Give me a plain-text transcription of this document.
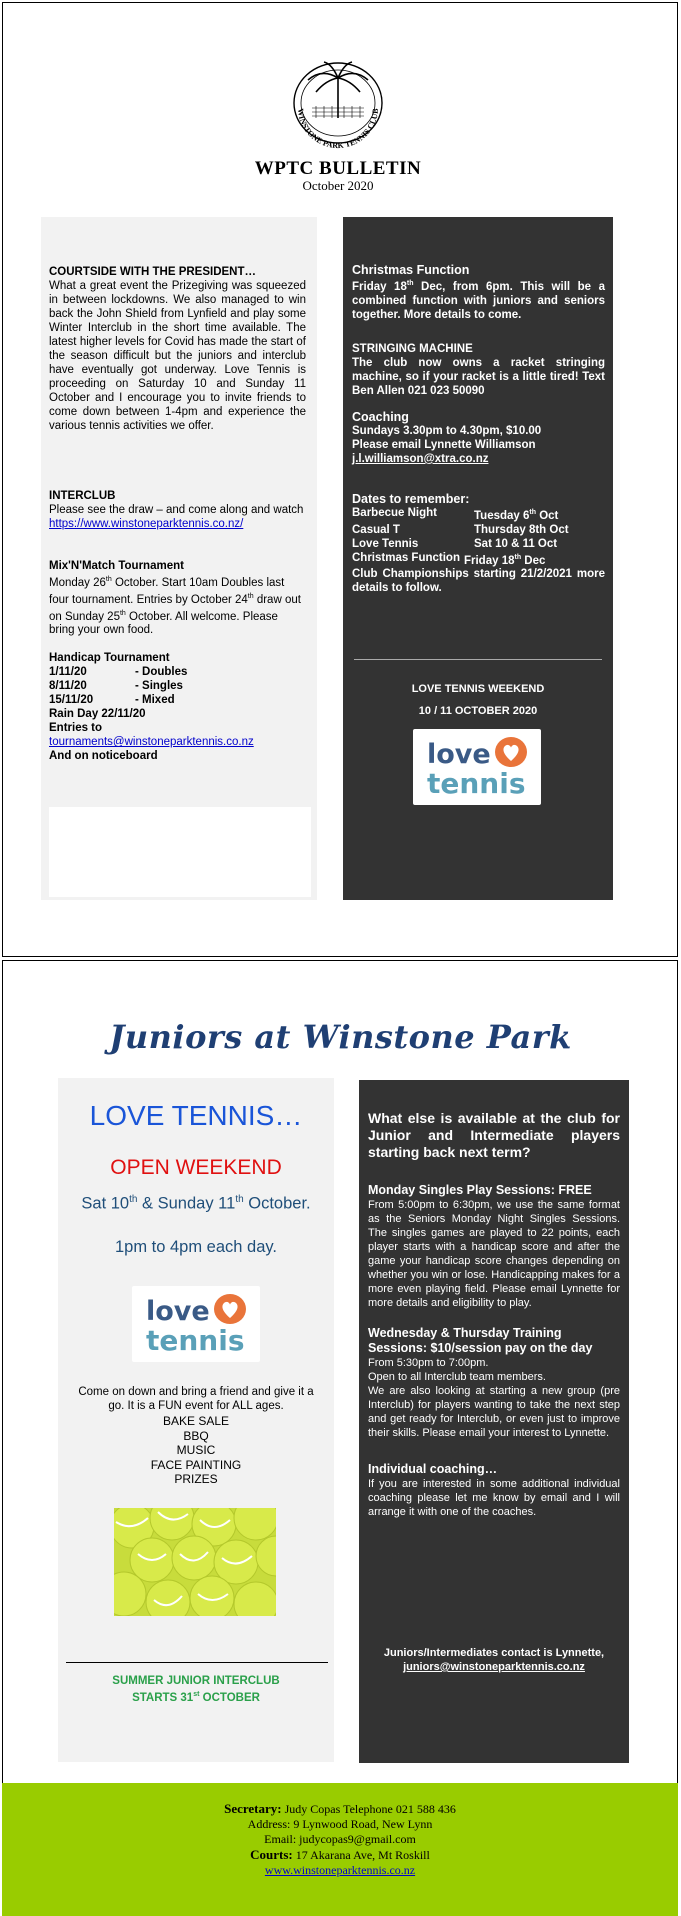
WINSTONE PARK TENNIS CLUB
WPTC BULLETIN
October 2020

COURTSIDE WITH THE PRESIDENT…

What a great event the Prizegiving was squeezed in between lockdowns. We also managed to win back the John Shield from Lynfield and play some Winter Interclub in the short time available. The latest higher levels for Covid has made the start of the season difficult but the juniors and interclub have eventually got underway. Love Tennis is proceeding on Saturday 10 and Sunday 11 October and I encourage you to invite friends to come down between 1-4pm and experience the various tennis activities we offer.

INTERCLUB

Please see the draw – and come along and watch

https://www.winstoneparktennis.co.nz/

Mix'N'Match Tournament

Monday 26th October. Start 10am Doubles last four tournament. Entries by October 24th draw out on Sunday 25th October. All welcome. Please bring your own food.

Handicap Tournament

1/11/20	- Doubles

8/11/20	- Singles

15/11/20	- Mixed

Rain Day 22/11/20

Entries to

tournaments@winstoneparktennis.co.nz

And on noticeboard

Christmas Function

Friday 18th Dec, from 6pm. This will be a combined function with juniors and seniors together. More details to come.

STRINGING MACHINE

The club now owns a racket stringing machine, so if your racket is a little tired! Text Ben Allen 021 023 50090

Coaching

Sundays 3.30pm to 4.30pm, $10.00

Please email Lynnette Williamson

j.l.williamson@xtra.co.nz

Dates to remember:

Barbecue Night	Tuesday 6th Oct
Casual T	Thursday 8th Oct
Love Tennis	Sat 10 & 11 Oct
Christmas Function Friday 18th Dec

Club Championships starting 21/2/2021 more details to follow.

LOVE TENNIS WEEKEND
10 / 11 OCTOBER 2020
love
tennis
Juniors at Winstone Park
LOVE TENNIS…
OPEN WEEKEND
Sat 10th & Sunday 11th October.
1pm to 4pm each day.
love
tennis
Come on down and bring a friend and give it a go. It is a FUN event for ALL ages.
BAKE SALE
BBQ
MUSIC
FACE PAINTING
PRIZES
SUMMER JUNIOR INTERCLUB
STARTS 31st OCTOBER

What else is available at the club for Junior and Intermediate players starting back next term?

Monday Singles Play Sessions: FREE

From 5:00pm to 6:30pm, we use the same format as the Seniors Monday Night Singles Sessions. The singles games are played to 22 points, each player starts with a handicap score and after the game your handicap score changes depending on whether you win or lose. Handicapping makes for a more even playing field. Please email Lynnette for more details and eligibility to play.

Wednesday & Thursday Training Sessions: $10/session pay on the day

From 5:30pm to 7:00pm.

Open to all Interclub team members.

We are also looking at starting a new group (pre Interclub) for players wanting to take the next step and get ready for Interclub, or even just to improve their skills. Please email your interest to Lynnette.

Individual coaching…

If you are interested in some additional individual coaching please let me know by email and I will arrange it with one of the coaches.

Juniors/Intermediates contact is Lynnette,
juniors@winstoneparktennis.co.nz
Secretary: Judy Copas Telephone 021 588 436
Address: 9 Lynwood Road, New Lynn
Email: judycopas9@gmail.com
Courts: 17 Akarana Ave, Mt Roskill
www.winstoneparktennis.co.nz
